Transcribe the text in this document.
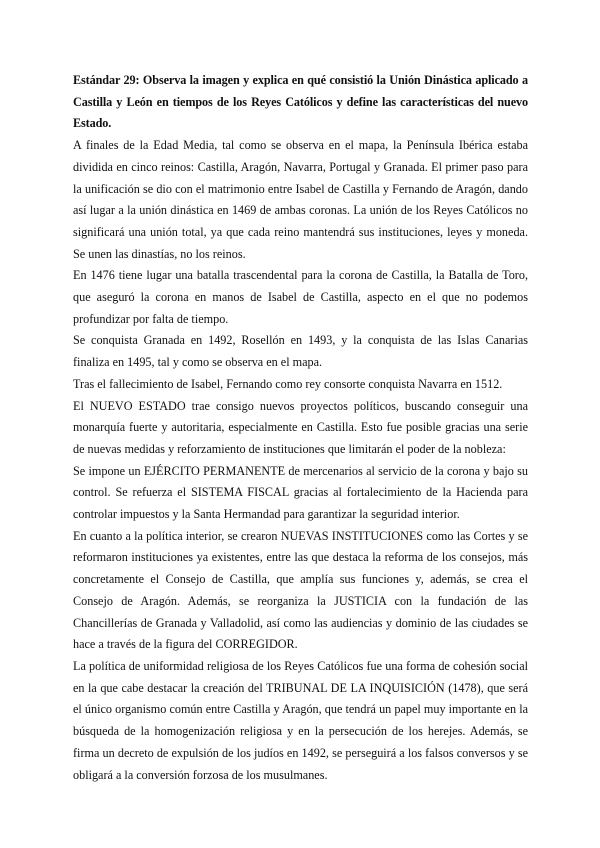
Estándar 29: Observa la imagen y explica en qué consistió la Unión Dinástica aplicado a Castilla y León en tiempos de los Reyes Católicos y define las características del nuevo Estado.

A finales de la Edad Media, tal como se observa en el mapa, la Península Ibérica estaba dividida en cinco reinos: Castilla, Aragón, Navarra, Portugal y Granada. El primer paso para la unificación se dio con el matrimonio entre Isabel de Castilla y Fernando de Aragón, dando así lugar a la unión dinástica en 1469 de ambas coronas. La unión de los Reyes Católicos no significará una unión total, ya que cada reino mantendrá sus instituciones, leyes y moneda. Se unen las dinastías, no los reinos.

En 1476 tiene lugar una batalla trascendental para la corona de Castilla, la Batalla de Toro, que aseguró la corona en manos de Isabel de Castilla, aspecto en el que no podemos profundizar por falta de tiempo.

Se conquista Granada en 1492, Rosellón en 1493, y la conquista de las Islas Canarias finaliza en 1495, tal y como se observa en el mapa.

Tras el fallecimiento de Isabel, Fernando como rey consorte conquista Navarra en 1512.

El NUEVO ESTADO trae consigo nuevos proyectos políticos, buscando conseguir una monarquía fuerte y autoritaria, especialmente en Castilla. Esto fue posible gracias una serie de nuevas medidas y reforzamiento de instituciones que limitarán el poder de la nobleza:

Se impone un EJÉRCITO PERMANENTE de mercenarios al servicio de la corona y bajo su control. Se refuerza el SISTEMA FISCAL gracias al fortalecimiento de la Hacienda para controlar impuestos y la Santa Hermandad para garantizar la seguridad interior.

En cuanto a la política interior, se crearon NUEVAS INSTITUCIONES como las Cortes y se reformaron instituciones ya existentes, entre las que destaca la reforma de los consejos, más concretamente el Consejo de Castilla, que amplía sus funciones y, además, se crea el Consejo de Aragón. Además, se reorganiza la JUSTICIA con la fundación de las Chancillerías de Granada y Valladolid, así como las audiencias y dominio de las ciudades se hace a través de la figura del CORREGIDOR.

La política de uniformidad religiosa de los Reyes Católicos fue una forma de cohesión social en la que cabe destacar la creación del TRIBUNAL DE LA INQUISICIÓN (1478), que será el único organismo común entre Castilla y Aragón, que tendrá un papel muy importante en la búsqueda de la homogenización religiosa y en la persecución de los herejes. Además, se firma un decreto de expulsión de los judíos en 1492, se perseguirá a los falsos conversos y se obligará a la conversión forzosa de los musulmanes.
